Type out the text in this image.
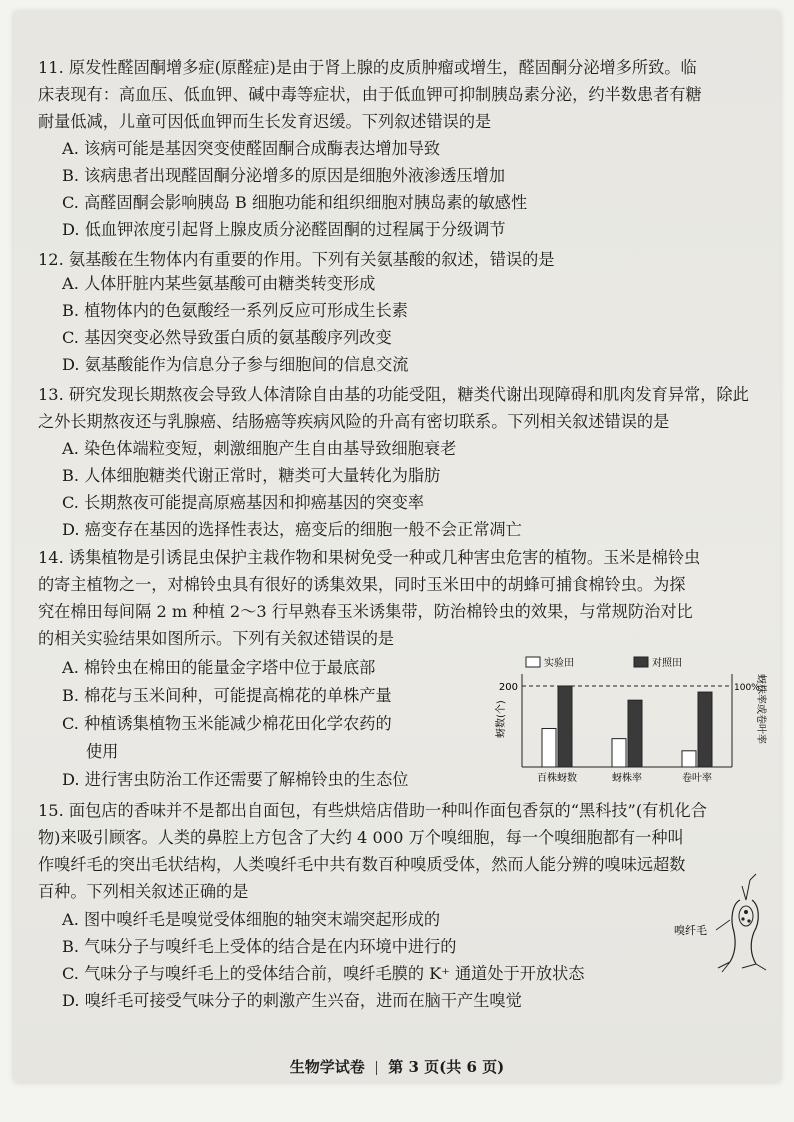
11. 原发性醛固酮增多症(原醛症)是由于肾上腺的皮质肿瘤或增生，醛固酮分泌增多所致。临
床表现有：高血压、低血钾、碱中毒等症状，由于低血钾可抑制胰岛素分泌，约半数患者有糖
耐量低减，儿童可因低血钾而生长发育迟缓。下列叙述错误的是
A. 该病可能是基因突变使醛固酮合成酶表达增加导致
B. 该病患者出现醛固酮分泌增多的原因是细胞外液渗透压增加
C. 高醛固酮会影响胰岛 B 细胞功能和组织细胞对胰岛素的敏感性
D. 低血钾浓度引起肾上腺皮质分泌醛固酮的过程属于分级调节
12. 氨基酸在生物体内有重要的作用。下列有关氨基酸的叙述，错误的是
A. 人体肝脏内某些氨基酸可由糖类转变形成
B. 植物体内的色氨酸经一系列反应可形成生长素
C. 基因突变必然导致蛋白质的氨基酸序列改变
D. 氨基酸能作为信息分子参与细胞间的信息交流
13. 研究发现长期熬夜会导致人体清除自由基的功能受阻，糖类代谢出现障碍和肌肉发育异常，除此
之外长期熬夜还与乳腺癌、结肠癌等疾病风险的升高有密切联系。下列相关叙述错误的是
A. 染色体端粒变短，刺激细胞产生自由基导致细胞衰老
B. 人体细胞糖类代谢正常时，糖类可大量转化为脂肪
C. 长期熬夜可能提高原癌基因和抑癌基因的突变率
D. 癌变存在基因的选择性表达，癌变后的细胞一般不会正常凋亡
14. 诱集植物是引诱昆虫保护主栽作物和果树免受一种或几种害虫危害的植物。玉米是棉铃虫
的寄主植物之一，对棉铃虫具有很好的诱集效果，同时玉米田中的胡蜂可捕食棉铃虫。为探
究在棉田每间隔 2 m 种植 2～3 行早熟春玉米诱集带，防治棉铃虫的效果，与常规防治对比
的相关实验结果如图所示。下列有关叙述错误的是
A. 棉铃虫在棉田的能量金字塔中位于最底部
B. 棉花与玉米间种，可能提高棉花的单株产量
C. 种植诱集植物玉米能减少棉花田化学农药的
使用
D. 进行害虫防治工作还需要了解棉铃虫的生态位
实验田	对照田
200	100%
蚜数(个)	蚜株率或卷叶率
百株蚜数	蚜株率	卷叶率
15. 面包店的香味并不是都出自面包，有些烘焙店借助一种叫作面包香氛的“黑科技”(有机化合
物)来吸引顾客。人类的鼻腔上方包含了大约 4 000 万个嗅细胞，每一个嗅细胞都有一种叫
作嗅纤毛的突出毛状结构，人类嗅纤毛中共有数百种嗅质受体，然而人能分辨的嗅味远超数
百种。下列相关叙述正确的是
A. 图中嗅纤毛是嗅觉受体细胞的轴突末端突起形成的
B. 气味分子与嗅纤毛上受体的结合是在内环境中进行的
C. 气味分子与嗅纤毛上的受体结合前，嗅纤毛膜的 K⁺ 通道处于开放状态
D. 嗅纤毛可接受气味分子的刺激产生兴奋，进而在脑干产生嗅觉
嗅纤毛
生物学试卷 第 3 页(共 6 页)
